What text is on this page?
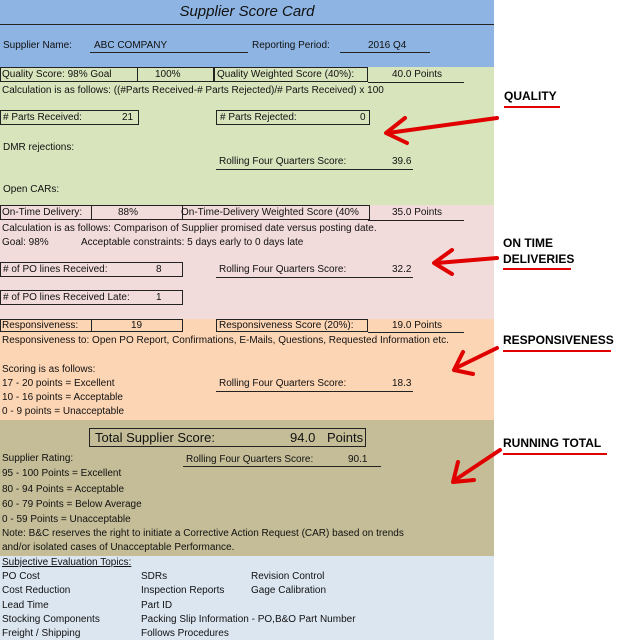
Supplier Score Card
Supplier Name: ABC COMPANY	Reporting Period:	2016 Q4
Quality Score: 98% Goal	100%	Quality Weighted Score (40%):	40.0 Points
Calculation is as follows: ((#Parts Received-# Parts Rejected)/# Parts Received) x 100
# Parts Received:	21	# Parts Rejected:	0
DMR rejections:
Rolling Four Quarters Score:	39.6
Open CARs:
On-Time Delivery:	88%	On-Time-Delivery Weighted Score (40%	35.0 Points
Calculation is as follows: Comparison of Supplier promised date versus posting date.
Goal: 98%	Acceptable constraints: 5 days early to 0 days late
# of PO lines Received:	8	Rolling Four Quarters Score:	32.2
# of PO lines Received Late:	1
Responsiveness:	19	Responsiveness Score (20%):	19.0 Points
Responsiveness to: Open PO Report, Confirmations, E-Mails, Questions, Requested Information etc.
Scoring is as follows:
17 - 20 points = Excellent
10 - 16 points = Acceptable
0 - 9 points = Unacceptable
Rolling Four Quarters Score:	18.3
Total Supplier Score:	94.0 Points
Supplier Rating:	Rolling Four Quarters Score:	90.1
95 - 100 Points = Excellent
80 - 94 Points = Acceptable
60 - 79 Points = Below Average
0 - 59 Points = Unacceptable
Note: B&C reserves the right to initiate a Corrective Action Request (CAR) based on trends
and/or isolated cases of Unacceptable Performance.
Subjective Evaluation Topics:
PO Cost	SDRs	Revision Control
Cost Reduction	Inspection Reports	Gage Calibration
Lead Time	Part ID
Stocking Components	Packing Slip Information - PO,B&O Part Number
Freight / Shipping	Follows Procedures
QUALITY
ON TIME
DELIVERIES
RESPONSIVENESS
RUNNING TOTAL
